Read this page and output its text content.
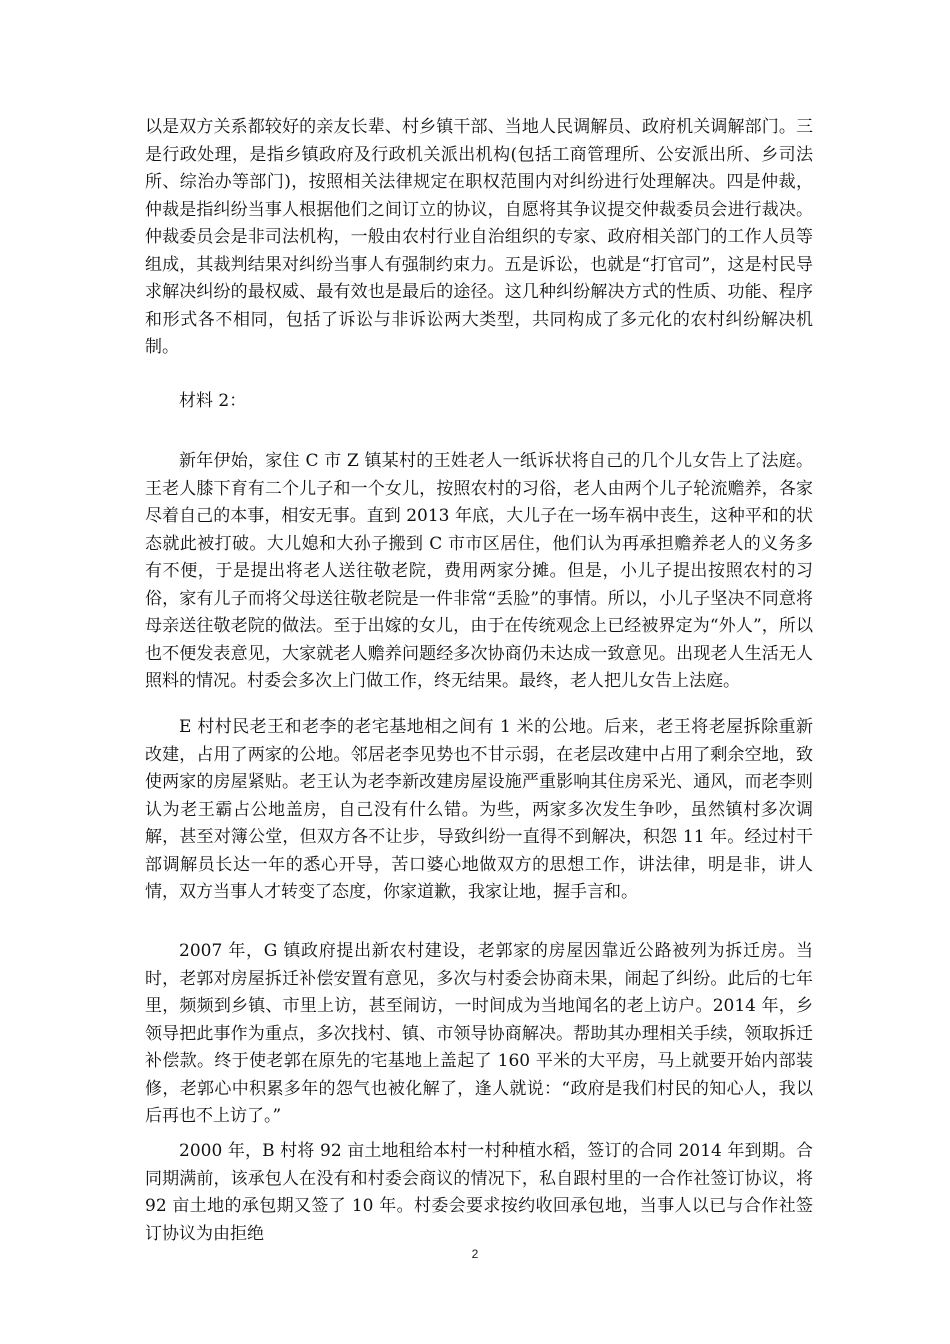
以是双方关系都较好的亲友长辈、村乡镇干部、当地人民调解员、政府机关调解部门。三是行政处理，是指乡镇政府及行政机关派出机构(包括工商管理所、公安派出所、乡司法所、综治办等部门)，按照相关法律规定在职权范围内对纠纷进行处理解决。四是仲裁，仲裁是指纠纷当事人根据他们之间订立的协议，自愿将其争议提交仲裁委员会进行裁决。仲裁委员会是非司法机构，一般由农村行业自治组织的专家、政府相关部门的工作人员等组成，其裁判结果对纠纷当事人有强制约束力。五是诉讼，也就是“打官司”，这是村民导求解决纠纷的最权威、最有效也是最后的途径。这几种纠纷解决方式的性质、功能、程序和形式各不相同，包括了诉讼与非诉讼两大类型，共同构成了多元化的农村纠纷解决机制。

材料 2：

新年伊始，家住 C 市 Z 镇某村的王姓老人一纸诉状将自己的几个儿女告上了法庭。王老人膝下育有二个儿子和一个女儿，按照农村的习俗，老人由两个儿子轮流赡养，各家尽着自己的本事，相安无事。直到 2013 年底，大儿子在一场车祸中丧生，这种平和的状态就此被打破。大儿媳和大孙子搬到 C 市市区居住，他们认为再承担赡养老人的义务多有不便，于是提出将老人送往敬老院，费用两家分摊。但是，小儿子提出按照农村的习俗，家有儿子而将父母送往敬老院是一件非常“丢脸”的事情。所以，小儿子坚决不同意将母亲送往敬老院的做法。至于出嫁的女儿，由于在传统观念上已经被界定为“外人”，所以也不便发表意见，大家就老人赡养问题经多次协商仍未达成一致意见。出现老人生活无人照料的情况。村委会多次上门做工作，终无结果。最终，老人把儿女告上法庭。

E 村村民老王和老李的老宅基地相之间有 1 米的公地。后来，老王将老屋拆除重新改建，占用了两家的公地。邻居老李见势也不甘示弱，在老层改建中占用了剩余空地，致使两家的房屋紧贴。老王认为老李新改建房屋设施严重影响其住房采光、通风，而老李则认为老王霸占公地盖房，自己没有什么错。为些，两家多次发生争吵，虽然镇村多次调解，甚至对簿公堂，但双方各不让步，导致纠纷一直得不到解决，积怨 11 年。经过村干部调解员长达一年的悉心开导，苦口婆心地做双方的思想工作，讲法律，明是非，讲人情，双方当事人才转变了态度，你家道歉，我家让地，握手言和。

2007 年，G 镇政府提出新农村建设，老郭家的房屋因靠近公路被列为拆迁房。当时，老郭对房屋拆迁补偿安置有意见，多次与村委会协商未果，闹起了纠纷。此后的七年里，频频到乡镇、市里上访，甚至闹访，一时间成为当地闻名的老上访户。2014 年，乡领导把此事作为重点，多次找村、镇、市领导协商解决。帮助其办理相关手续，领取拆迁补偿款。终于使老郭在原先的宅基地上盖起了 160 平米的大平房，马上就要开始内部装修，老郭心中积累多年的怨气也被化解了，逢人就说：“政府是我们村民的知心人，我以后再也不上访了。”

2000 年，B 村将 92 亩土地租给本村一村种植水稻，签订的合同 2014 年到期。合同期满前，该承包人在没有和村委会商议的情况下，私自跟村里的一合作社签订协议，将 92 亩土地的承包期又签了 10 年。村委会要求按约收回承包地，当事人以已与合作社签订协议为由拒绝

2
